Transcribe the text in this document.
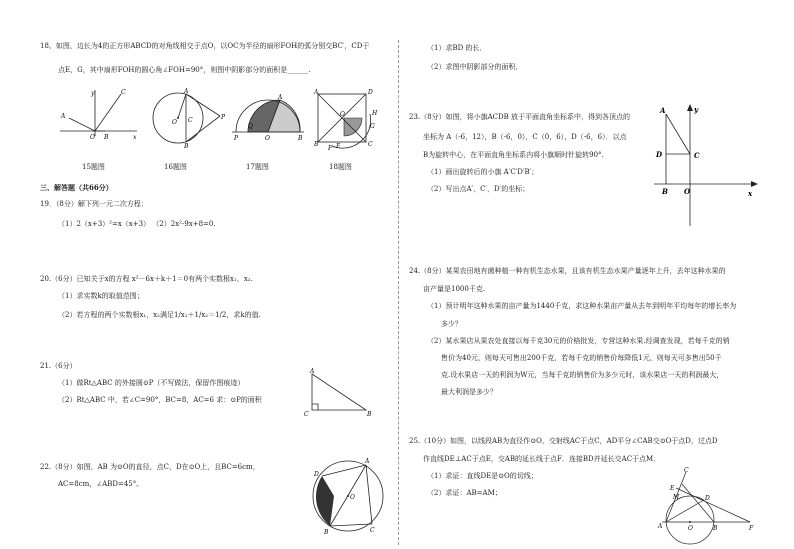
18、如图，边长为4的正方形ABCD的对角线相交于点O，以OC为半径的扇形FOH的弧分别交BC′，CD于
点E，G，其中扇形FOH的圆心角∠FOH=90°，则图中阴影部分的面积是______.
y	C
A
O B	x
A
P
O C
B
A
O	B
P
Q
A	D
O	H
G
E
B
F
C
15题图	16题图	17题图	18题图
三、解答题（共66分）
19．（8分）解下列一元二次方程：
（1）2（x+3）²=x（x+3） （2）2x²-9x+8=0.
20.（6分）已知关于x的方程 x²－6x＋k＋1＝0有两个实数根x₁，x₂.
（1）求实数k的取值范围；
（2）若方程的两个实数根x₁，x₂满足1/x₁＋1/x₂＝1/2，求k的值.
21.（6分）
（1）做Rt△ABC 的外接圆⊙P（不写做法，保留作图痕迹）
（2）Rt△ABC 中，若∠C=90°，BC=8，AC=6 求：⊙P的面积
A
C	B
22.（8分）如图，AB 为⊙O的直径，点C，D在⊙O上，且BC=6cm，
AC=8cm，∠ABD=45°。
A
O
D
B	C
（1）求BD 的长．
（2）求图中阴影部分的面积．
23.（8分）如图，将小旗ACDB 放于平面直角坐标系中，得到各顶点的
坐标为 A（-6，12），B（-6，0），C（0，6），D（-6，6）．以点
B为旋转中心，在平面直角坐标系内将小旗顺时针旋转90°.
（1）画出旋转后的小旗 A′C′D′B′；
（2）写出点A′，C′，D′的坐标；
y
A
D	C
B O	x
24.（8分）某果农田地有菌种植一种有机生态水果，且该有机生态水果产量逐年上升，去年这种水果的
亩产量是1000千克.
（1）预计明年这种水果的亩产量为1440千克，求这种水果亩产量从去年到明年平均每年的增长率为
多少？
（2）某水果店从果农处直接以每千克30元的价格批发，专营这种水果.经调查发现，若每千克的销
售价为40元，则每天可售出200千克，若每千克的销售价每降低1元，则每天可多售出50千
克.设水果店一天的利润为W元，当每千克的销售价为多少元时，该水果店一天的利润最大，
最大利润是多少？
25.（10分）如图，以线段AB为直径作⊙O，交射线AC于点C，AD平分∠CAB交⊙O于点D，过点D
作直线DE⊥AC于点E，交AB的延长线于点F．连接BD并延长交AC于点M．
（1）求证：直线DE是⊙O的切线；
（2）求证：AB=AM；
C
E
M	D
A	O	B	F
